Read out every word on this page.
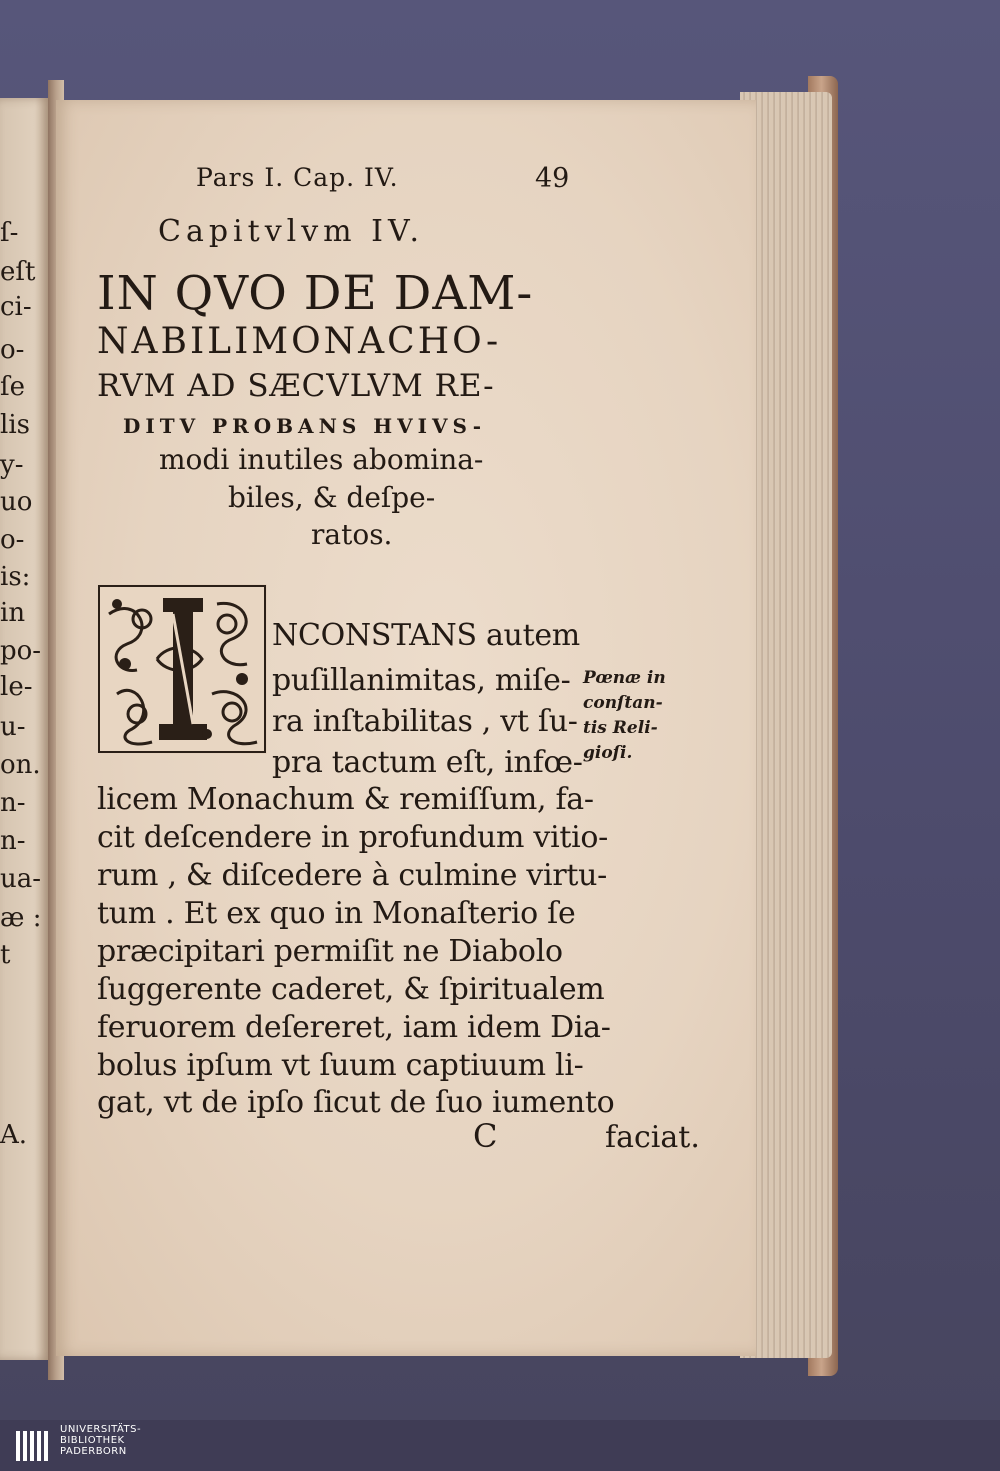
ſ-
eſt
ci-
o-
ſe
lis
y-
uo
o-
is:
in
po-
le-
u-
on.
n-
n-
ua-
æ :
t
A.
Pars I. Cap. IV.	49
Capitvlvm IV.
IN QVO DE DAM-
NABILIMONACHO-
RVM AD SÆCVLVM RE-
DITV PROBANS HVIVS-
modi inutiles abomina-
biles, & deſpe-
ratos.
NCONSTANS autem
puſillanimitas, miſe-
ra inſtabilitas , vt ſu-
pra tactum eſt, infœ-
licem Monachum & remiſſum, fa-
cit deſcendere in profundum vitio-
rum , & diſcedere à culmine virtu-
tum . Et ex quo in Monaſterio ſe
præcipitari permiſit ne Diabolo
ſuggerente caderet, & ſpiritualem
feruorem deſereret, iam idem Dia-
bolus ipſum vt ſuum captiuum li-
gat, vt de ipſo ſicut de ſuo iumento
C	faciat.
Pœnæ in
conſtan-
tis Reli-
gioſi.
UNIVERSITÄTS-
BIBLIOTHEK
PADERBORN
